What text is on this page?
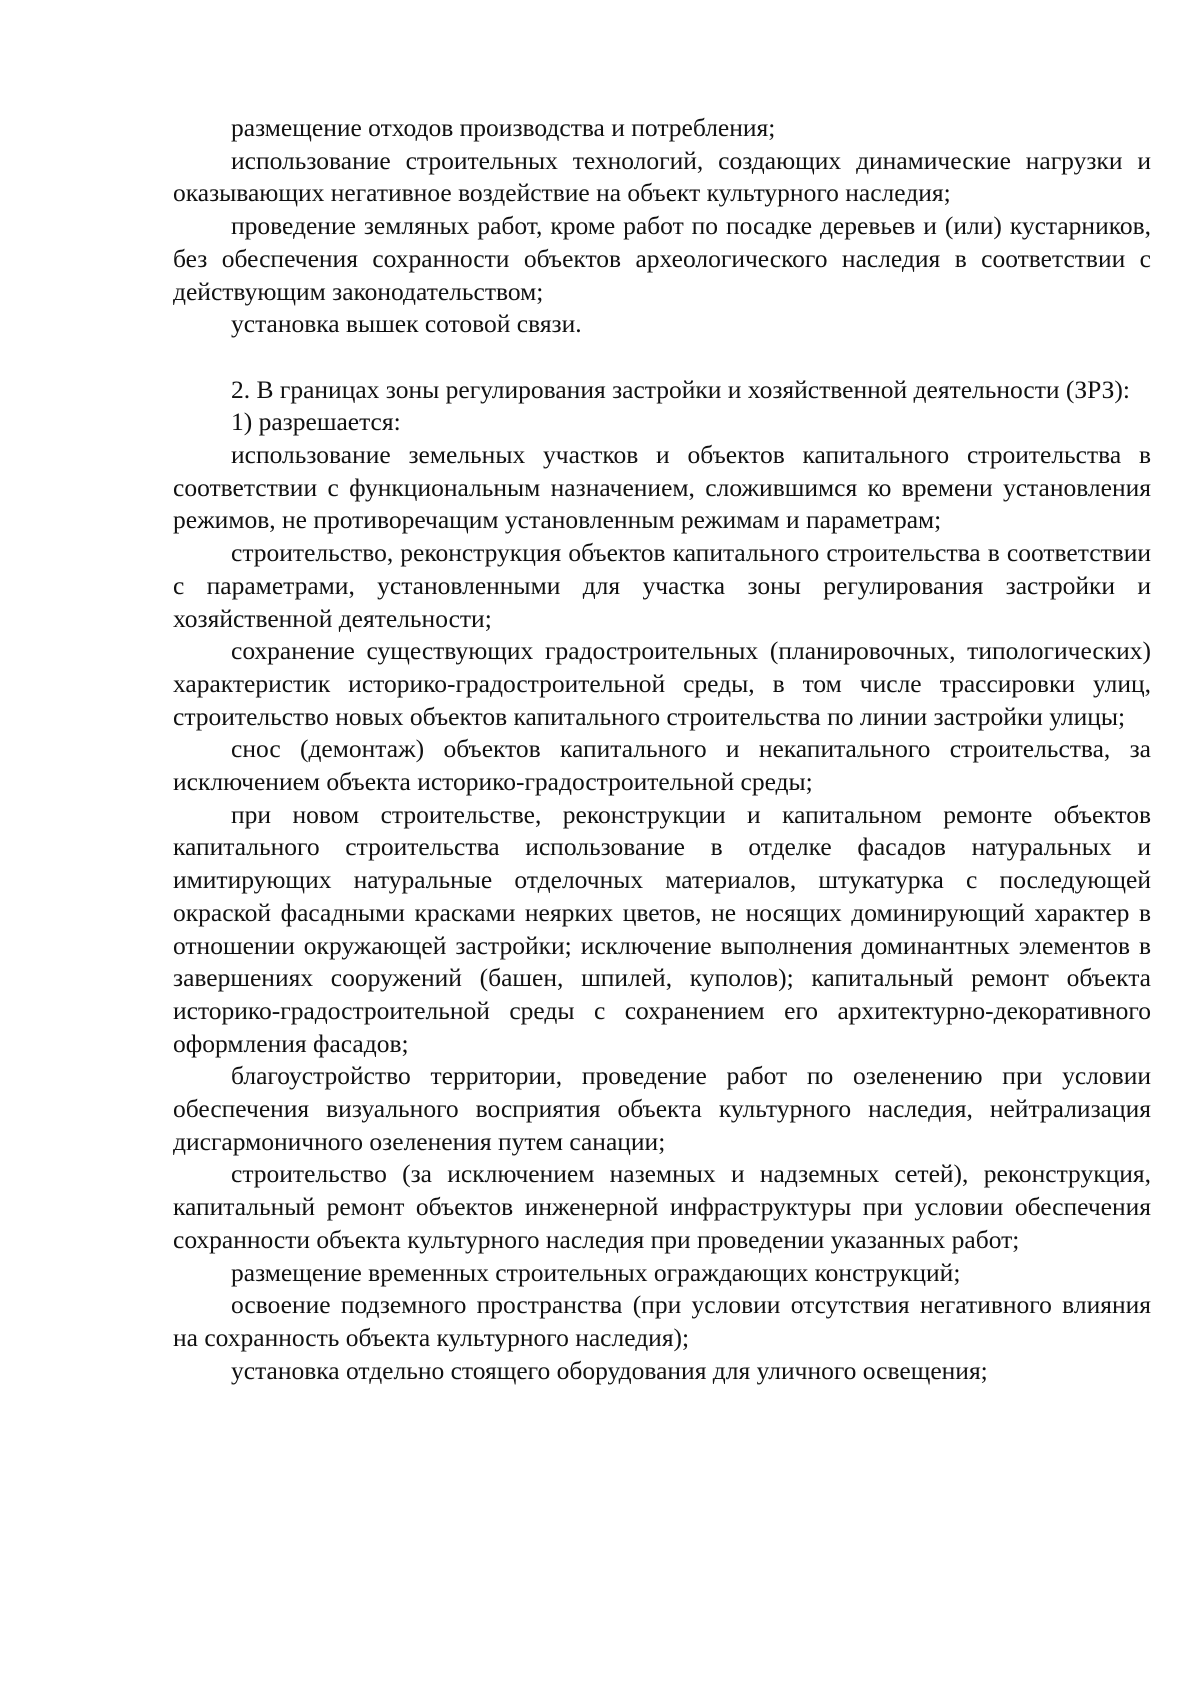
размещение отходов производства и потребления;

использование строительных технологий, создающих динамические нагрузки и оказывающих негативное воздействие на объект культурного наследия;

проведение земляных работ, кроме работ по посадке деревьев и (или) кустарников, без обеспечения сохранности объектов археологического наследия в соответствии с действующим законодательством;

установка вышек сотовой связи.

2. В границах зоны регулирования застройки и хозяйственной деятельности (ЗРЗ):

1) разрешается:

использование земельных участков и объектов капитального строительства в соответствии с функциональным назначением, сложившимся ко времени установления режимов, не противоречащим установленным режимам и параметрам;

строительство, реконструкция объектов капитального строительства в соответствии с параметрами, установленными для участка зоны регулирования застройки и хозяйственной деятельности;

сохранение существующих градостроительных (планировочных, типологических) характеристик историко-градостроительной среды, в том числе трассировки улиц, строительство новых объектов капитального строительства по линии застройки улицы;

снос (демонтаж) объектов капитального и некапитального строительства, за исключением объекта историко-градостроительной среды;

при новом строительстве, реконструкции и капитальном ремонте объектов капитального строительства использование в отделке фасадов натуральных и имитирующих натуральные отделочных материалов, штукатурка с последующей окраской фасадными красками неярких цветов, не носящих доминирующий характер в отношении окружающей застройки; исключение выполнения доминантных элементов в завершениях сооружений (башен, шпилей, куполов); капитальный ремонт объекта историко-градостроительной среды с сохранением его архитектурно-декоративного оформления фасадов;

благоустройство территории, проведение работ по озеленению при условии обеспечения визуального восприятия объекта культурного наследия, нейтрализация дисгармоничного озеленения путем санации;

строительство (за исключением наземных и надземных сетей), реконструкция, капитальный ремонт объектов инженерной инфраструктуры при условии обеспечения сохранности объекта культурного наследия при проведении указанных работ;

размещение временных строительных ограждающих конструкций;

освоение подземного пространства (при условии отсутствия негативного влияния на сохранность объекта культурного наследия);

установка отдельно стоящего оборудования для уличного освещения;
